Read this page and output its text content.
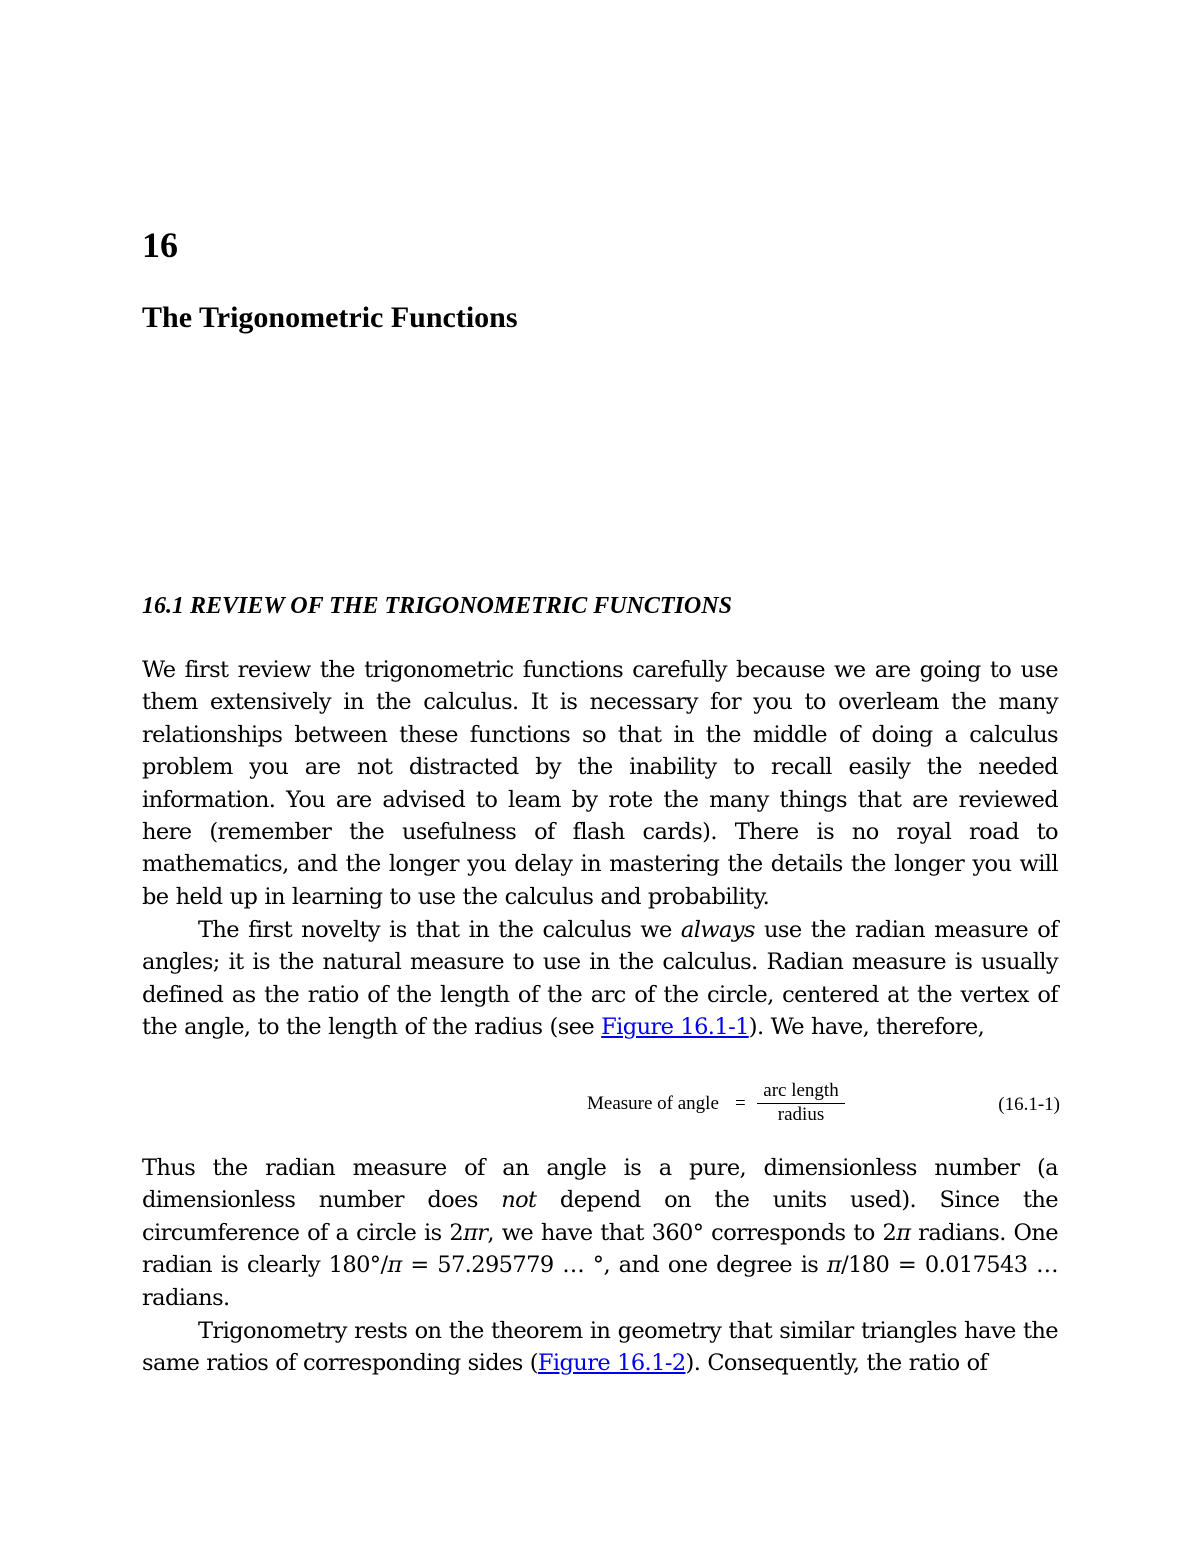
16
The Trigonometric Functions
16.1 REVIEW OF THE TRIGONOMETRIC FUNCTIONS

We first review the trigonometric functions carefully because we are going to use them extensively in the calculus. It is necessary for you to overleam the many relationships between these functions so that in the middle of doing a calculus problem you are not distracted by the inability to recall easily the needed information. You are advised to leam by rote the many things that are reviewed here (remember the usefulness of flash cards). There is no royal road to mathematics, and the longer you delay in mastering the details the longer you will be held up in learning to use the calculus and probability.

The first novelty is that in the calculus we always use the radian measure of angles; it is the natural measure to use in the calculus. Radian measure is usually defined as the ratio of the length of the arc of the circle, centered at the vertex of the angle, to the length of the radius (see Figure 16.1-1). We have, therefore,

Measure of angle =
arc length
radius	(16.1-1)

Thus the radian measure of an angle is a pure, dimensionless number (a dimensionless number does not depend on the units used). Since the circumference of a circle is 2πr, we have that 360° corresponds to 2π radians. One radian is clearly 180°/π = 57.295779 … °, and one degree is π/180 = 0.017543 … radians.

Trigonometry rests on the theorem in geometry that similar triangles have the same ratios of corresponding sides (Figure 16.1-2). Consequently, the ratio of
